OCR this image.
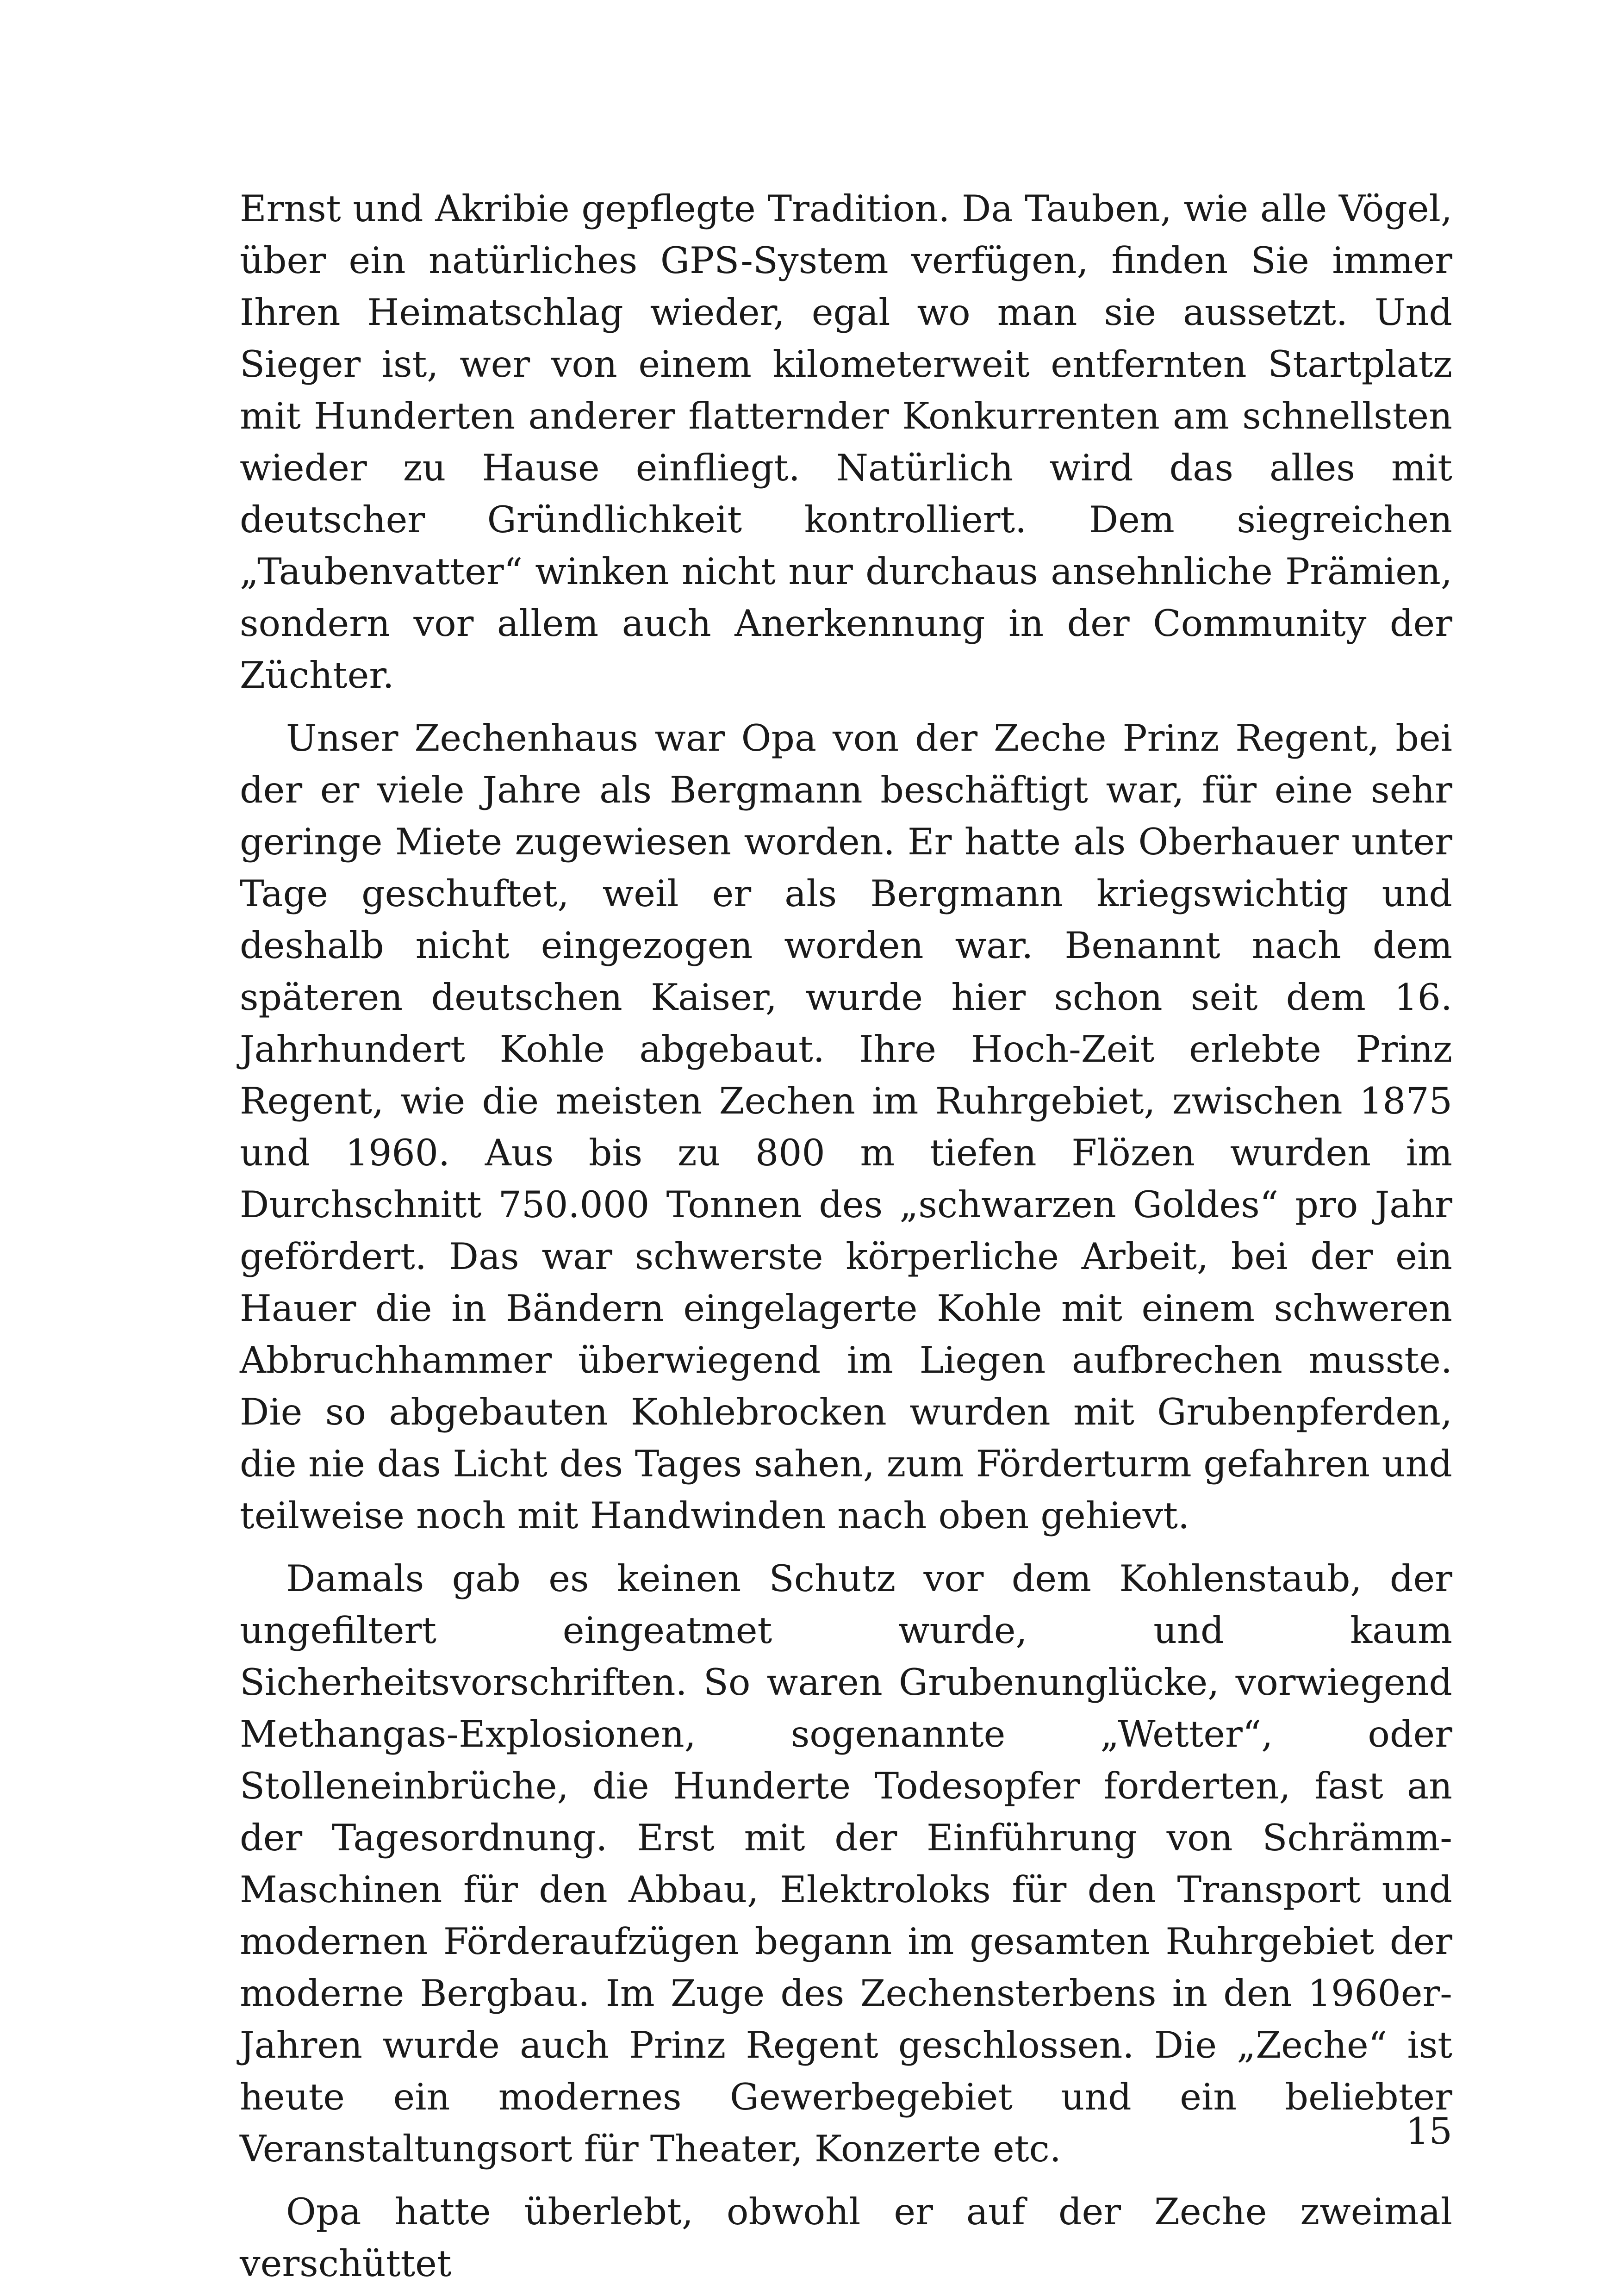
Ernst und Akribie gepflegte Tradition. Da Tauben, wie alle Vögel, über ein natürliches GPS-System verfügen, finden Sie immer Ihren Heimatschlag wieder, egal wo man sie aussetzt. Und Sieger ist, wer von einem kilometerweit entfernten Startplatz mit Hunderten anderer flatternder Konkurrenten am schnellsten wieder zu Hause einfliegt. Natürlich wird das alles mit deutscher Gründlichkeit kontrolliert. Dem siegreichen „Taubenvatter“ winken nicht nur durchaus ansehnliche Prämien, sondern vor allem auch Anerkennung in der Community der Züchter.

Unser Zechenhaus war Opa von der Zeche Prinz Regent, bei der er viele Jahre als Bergmann beschäftigt war, für eine sehr geringe Miete zugewiesen worden. Er hatte als Oberhauer unter Tage geschuftet, weil er als Bergmann kriegswichtig und deshalb nicht eingezogen worden war. Benannt nach dem späteren deutschen Kaiser, wurde hier schon seit dem 16. Jahrhundert Kohle abgebaut. Ihre Hoch-Zeit erlebte Prinz Regent, wie die meisten Zechen im Ruhrgebiet, zwischen 1875 und 1960. Aus bis zu 800 m tiefen Flözen wurden im Durchschnitt 750.000 Tonnen des „schwarzen Goldes“ pro Jahr gefördert. Das war schwerste körperliche Arbeit, bei der ein Hauer die in Bändern eingelagerte Kohle mit einem schweren Abbruchhammer überwiegend im Liegen aufbrechen musste. Die so abgebauten Kohlebrocken wurden mit Grubenpferden, die nie das Licht des Tages sahen, zum Förderturm gefahren und teilweise noch mit Handwinden nach oben gehievt.

Damals gab es keinen Schutz vor dem Kohlenstaub, der ungefiltert eingeatmet wurde, und kaum Sicherheitsvorschriften. So waren Grubenunglücke, vorwiegend Methangas-Explosionen, sogenannte „Wetter“, oder Stolleneinbrüche, die Hunderte Todesopfer forderten, fast an der Tagesordnung. Erst mit der Einführung von Schrämm-Maschinen für den Abbau, Elektroloks für den Transport und modernen Förderaufzügen begann im gesamten Ruhrgebiet der moderne Bergbau. Im Zuge des Zechensterbens in den 1960er-Jahren wurde auch Prinz Regent geschlossen. Die „Zeche“ ist heute ein modernes Gewerbegebiet und ein beliebter Veranstaltungsort für Theater, Konzerte etc.

Opa hatte überlebt, obwohl er auf der Zeche zweimal verschüttet

15
